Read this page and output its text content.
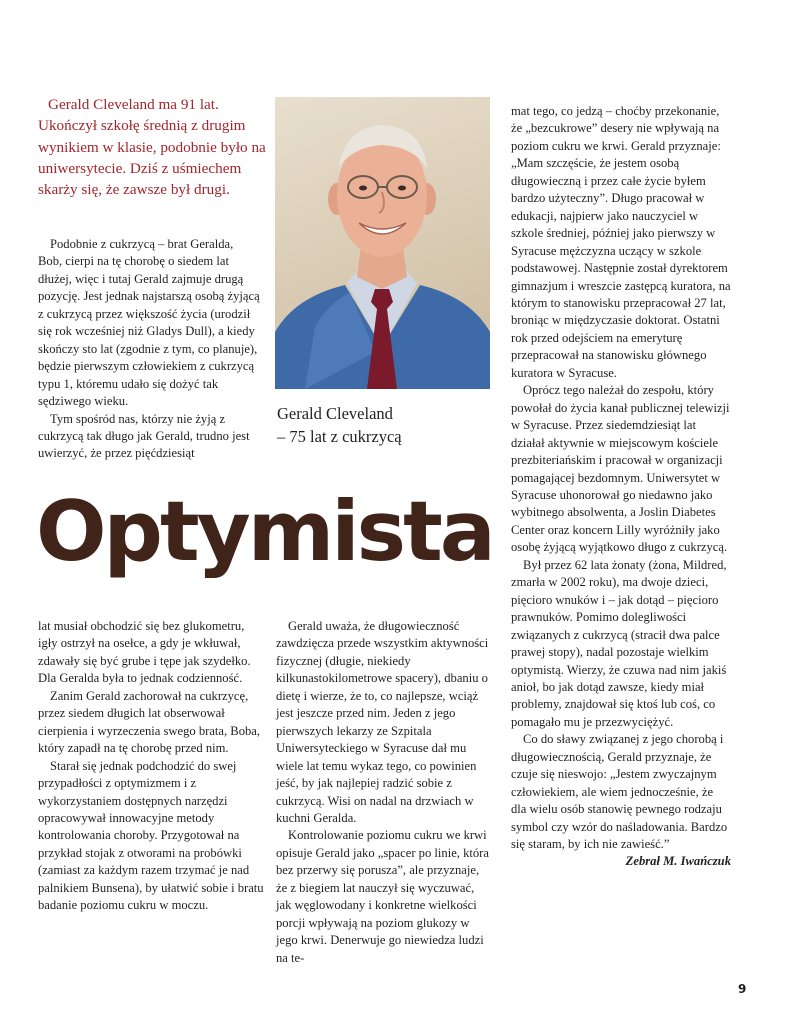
Gerald Cleveland ma 91 lat. Ukończył szkołę średnią z drugim wynikiem w klasie, podobnie było na uniwersytecie. Dziś z uśmiechem skarży się, że zawsze był drugi.

Podobnie z cukrzycą – brat Geralda, Bob, cierpi na tę chorobę o siedem lat dłużej, więc i tutaj Gerald zajmuje drugą pozycję. Jest jednak najstarszą osobą żyjącą z cukrzycą przez większość życia (urodził się rok wcześniej niż Gladys Dull), a kiedy skończy sto lat (zgodnie z tym, co planuje), będzie pierwszym człowiekiem z cukrzycą typu 1, któremu udało się dożyć tak sędziwego wieku.

Tym spośród nas, którzy nie żyją z cukrzycą tak długo jak Gerald, trudno jest uwierzyć, że przez pięćdziesiąt

Gerald Cleveland
– 75 lat z cukrzycą
Optymista

lat musiał obchodzić się bez glukometru, igły ostrzył na osełce, a gdy je wkłuwał, zdawały się być grube i tępe jak szydełko. Dla Geralda była to jednak codzienność.

Zanim Gerald zachorował na cukrzycę, przez siedem długich lat obserwował cierpienia i wyrzeczenia swego brata, Boba, który zapadł na tę chorobę przed nim.

Starał się jednak podchodzić do swej przypadłości z optymizmem i z wykorzystaniem dostępnych narzędzi opracowywał innowacyjne metody kontrolowania choroby. Przygotował na przykład stojak z otworami na probówki (zamiast za każdym razem trzymać je nad palnikiem Bunsena), by ułatwić sobie i bratu badanie poziomu cukru w moczu.

Gerald uważa, że długowieczność zawdzięcza przede wszystkim aktywności fizycznej (długie, niekiedy kilkunastokilometrowe spacery), dbaniu o dietę i wierze, że to, co najlepsze, wciąż jest jeszcze przed nim. Jeden z jego pierwszych lekarzy ze Szpitala Uniwersyteckiego w Syracuse dał mu wiele lat temu wykaz tego, co powinien jeść, by jak najlepiej radzić sobie z cukrzycą. Wisi on nadal na drzwiach w kuchni Geralda.

Kontrolowanie poziomu cukru we krwi opisuje Gerald jako „spacer po linie, która bez przerwy się porusza”, ale przyznaje, że z biegiem lat nauczył się wyczuwać, jak węglowodany i konkretne wielkości porcji wpływają na poziom glukozy w jego krwi. Denerwuje go niewiedza ludzi na te-

mat tego, co jedzą – choćby przekonanie, że „bezcukrowe” desery nie wpływają na poziom cukru we krwi. Gerald przyznaje: „Mam szczęście, że jestem osobą długowieczną i przez całe życie byłem bardzo użyteczny”. Długo pracował w edukacji, najpierw jako nauczyciel w szkole średniej, później jako pierwszy w Syracuse mężczyzna uczący w szkole podstawowej. Następnie został dyrektorem gimnazjum i wreszcie zastępcą kuratora, na którym to stanowisku przepracował 27 lat, broniąc w międzyczasie doktorat. Ostatni rok przed odejściem na emeryturę przepracował na stanowisku głównego kuratora w Syracuse.

Oprócz tego należał do zespołu, który powołał do życia kanał publicznej telewizji w Syracuse. Przez siedemdziesiąt lat działał aktywnie w miejscowym kościele prezbiteriańskim i pracował w organizacji pomagającej bezdomnym. Uniwersytet w Syracuse uhonorował go niedawno jako wybitnego absolwenta, a Joslin Diabetes Center oraz koncern Lilly wyróżniły jako osobę żyjącą wyjątkowo długo z cukrzycą.

Był przez 62 lata żonaty (żona, Mildred, zmarła w 2002 roku), ma dwoje dzieci, pięcioro wnuków i – jak dotąd – pięcioro prawnuków. Pomimo dolegliwości związanych z cukrzycą (stracił dwa palce prawej stopy), nadal pozostaje wielkim optymistą. Wierzy, że czuwa nad nim jakiś anioł, bo jak dotąd zawsze, kiedy miał problemy, znajdował się ktoś lub coś, co pomagało mu je przezwyciężyć.

Co do sławy związanej z jego chorobą i długowiecznością, Gerald przyznaje, że czuje się nieswojo: „Jestem zwyczajnym człowiekiem, ale wiem jednocześnie, że dla wielu osób stanowię pewnego rodzaju symbol czy wzór do naśladowania. Bardzo się staram, by ich nie zawieść.”

Zebrał M. Iwańczuk

9
